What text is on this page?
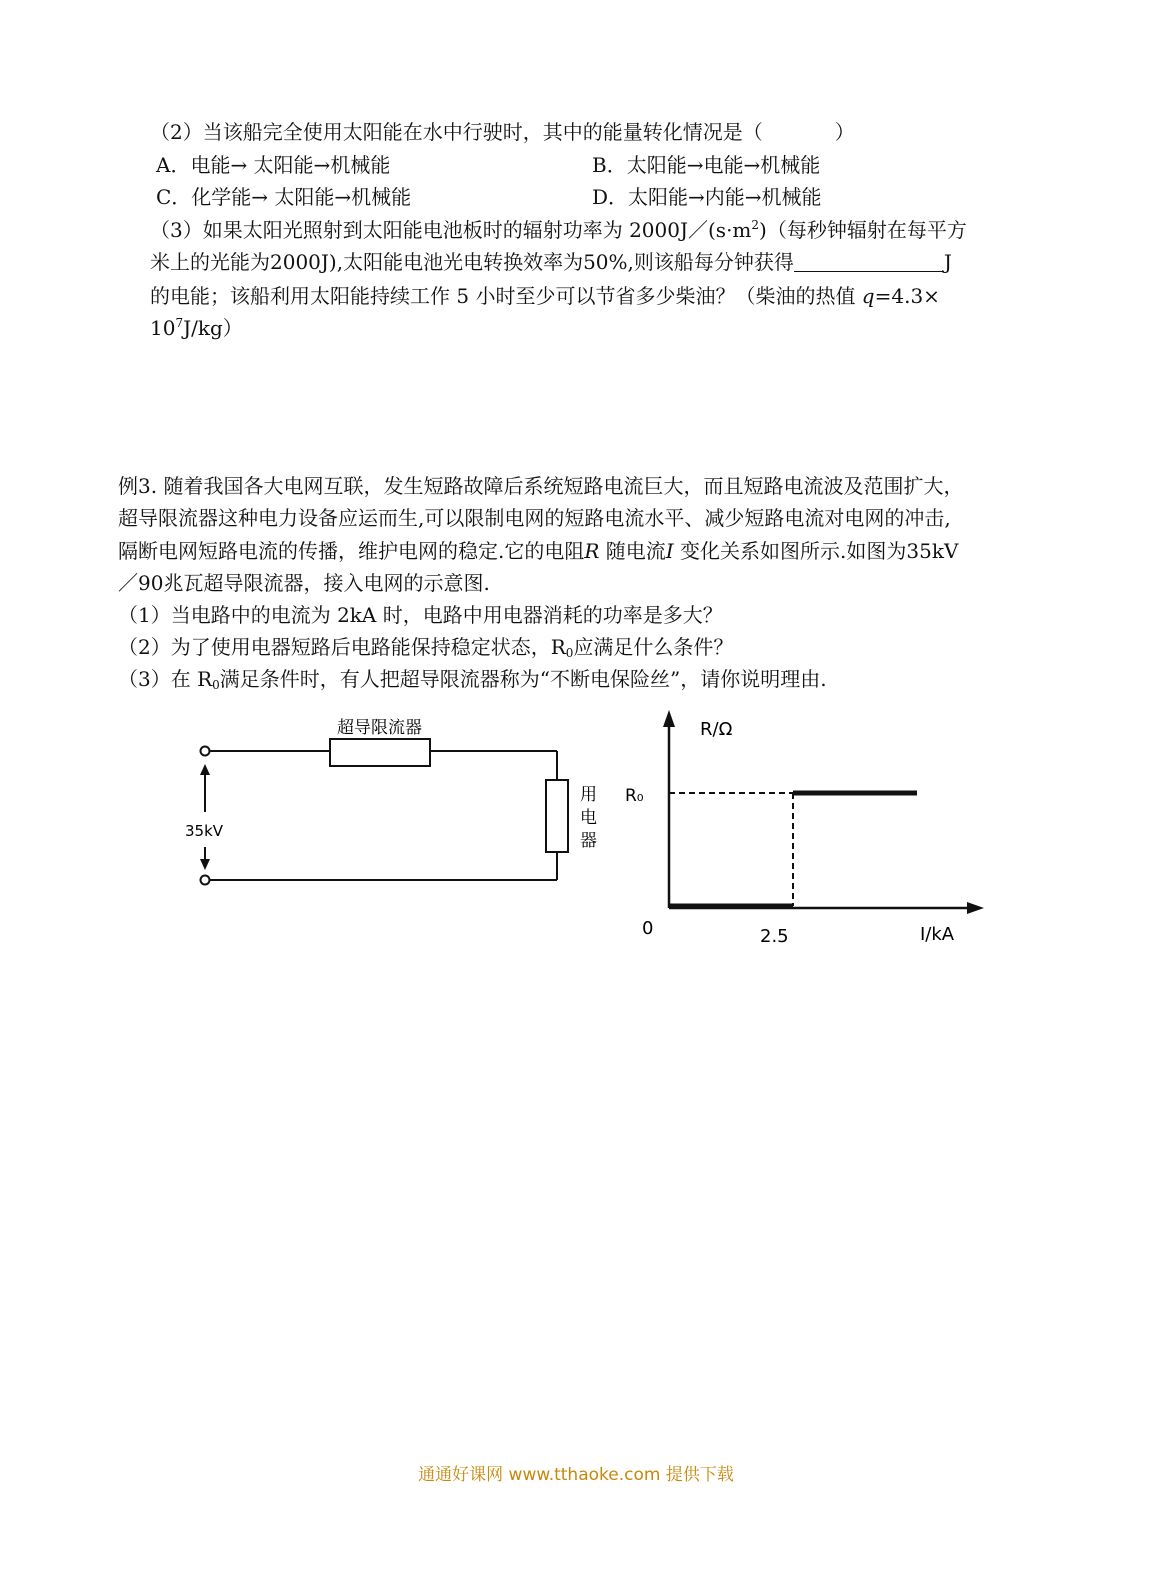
（2）当该船完全使用太阳能在水中行驶时，其中的能量转化情况是（	）
A．电能→ 太阳能→机械能	B．太阳能→电能→机械能
C．化学能→ 太阳能→机械能	D．太阳能→内能→机械能
（3）如果太阳光照射到太阳能电池板时的辐射功率为 $2000J/(s\cdot m^2)$（每秒钟辐射在每平方
米上的光能为2000J),太阳能电池光电转换效率为50%,则该船每分钟获得	J
的电能；该船利用太阳能持续工作 5 小时至少可以节省多少柴油？（柴油的热值 q=4.3×
$10^7J/kg$）
例3. 随着我国各大电网互联，发生短路故障后系统短路电流巨大，而且短路电流波及范围扩大，
超导限流器这种电力设备应运而生,可以限制电网的短路电流水平、减少短路电流对电网的冲击,
隔断电网短路电流的传播，维护电网的稳定.它的电阻R 随电流I 变化关系如图所示.如图为35kV
／90兆瓦超导限流器，接入电网的示意图.
（1）当电路中的电流为 2kA 时，电路中用电器消耗的功率是多大？
（2）为了使用电器短路后电路能保持稳定状态，$R_0$应满足什么条件？
（3）在 $R_0$满足条件时，有人把超导限流器称为“不断电保险丝”，请你说明理由.
35kV
超导限流器
用
电
器
R/Ω
I/kA
0
R₀
2.5
通通好课网 www.tthaoke.com 提供下载
